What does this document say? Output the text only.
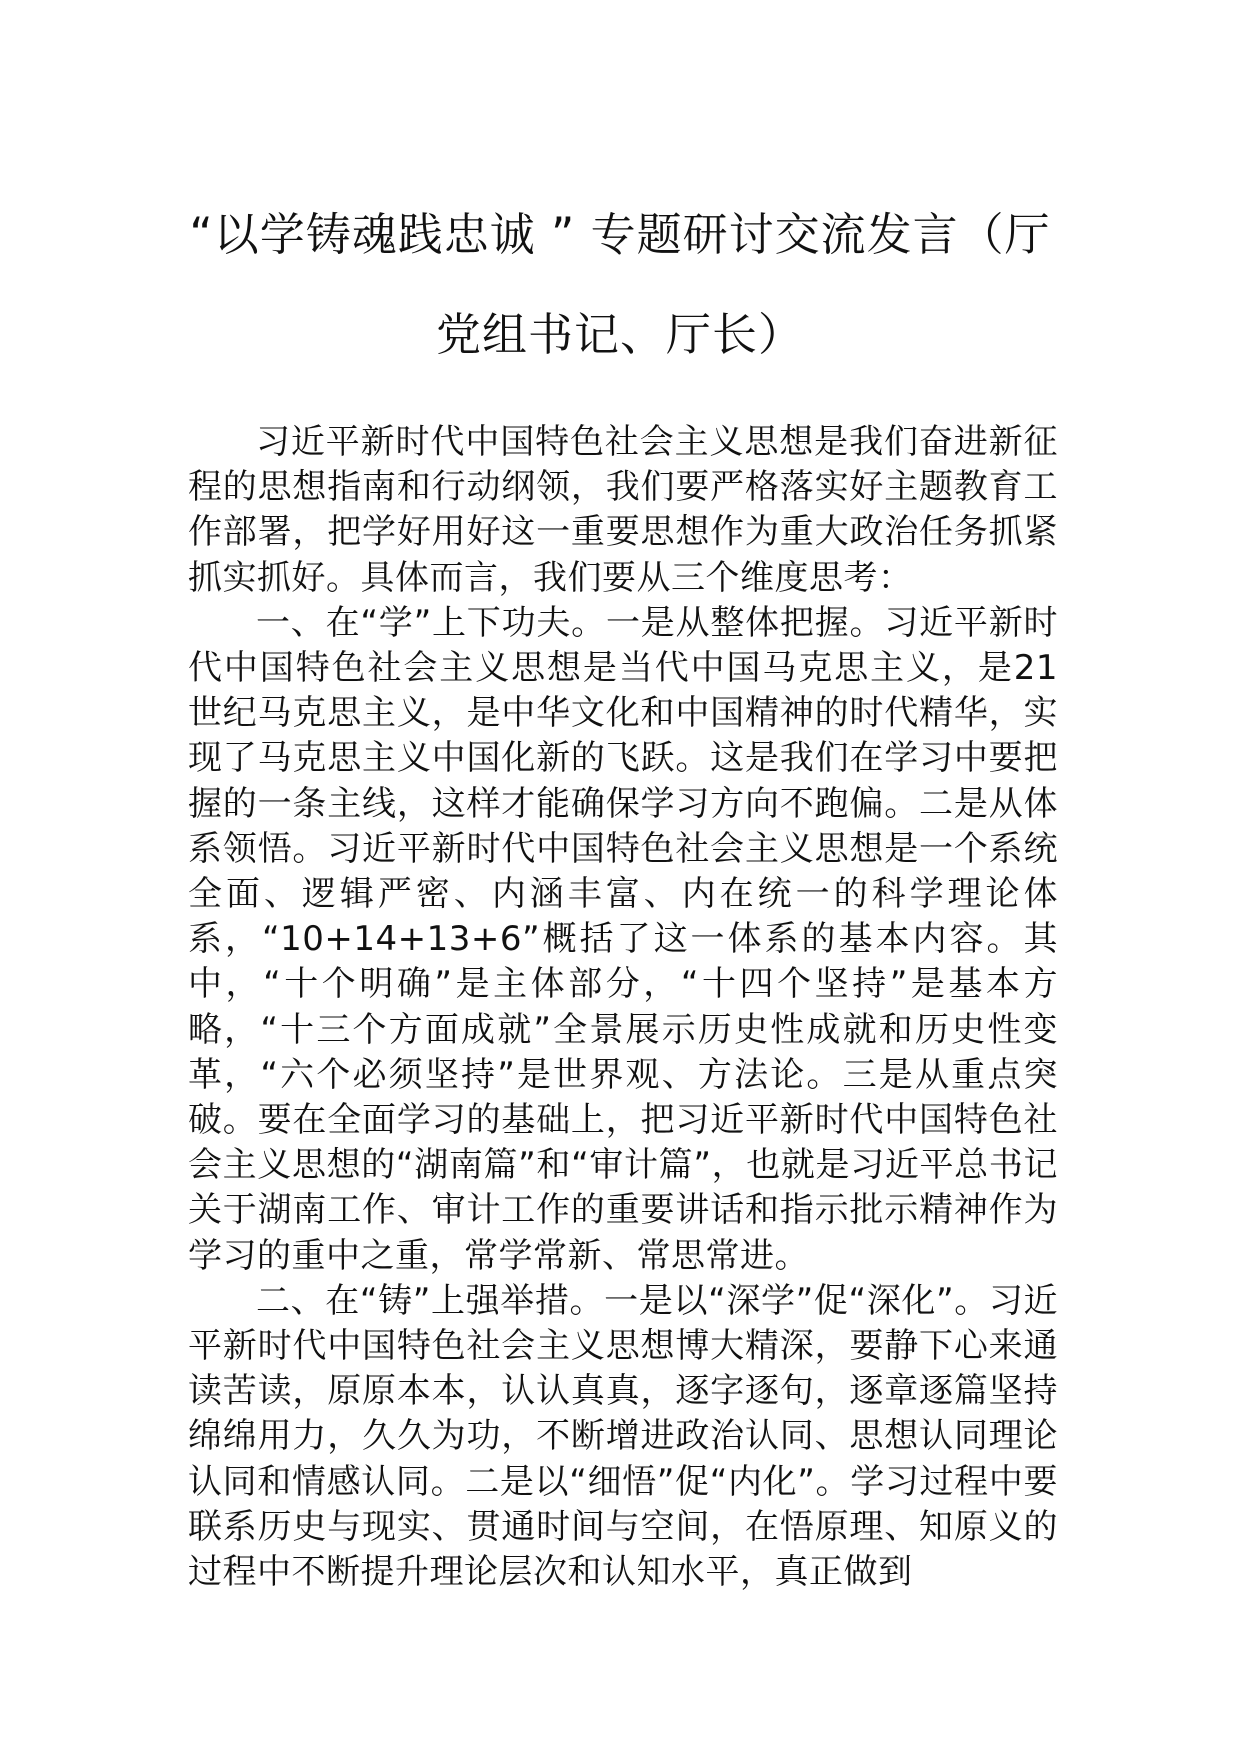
“以学铸魂践忠诚 ” 专题研讨交流发言（厅
党组书记、厅长）

习近平新时代中国特色社会主义思想是我们奋进新征程的思想指南和行动纲领，我们要严格落实好主题教育工作部署，把学好用好这一重要思想作为重大政治任务抓紧抓实抓好。具体而言，我们要从三个维度思考：

一、在“学”上下功夫。一是从整体把握。习近平新时代中国特色社会主义思想是当代中国马克思主义，是21世纪马克思主义，是中华文化和中国精神的时代精华，实现了马克思主义中国化新的飞跃。这是我们在学习中要把握的一条主线，这样才能确保学习方向不跑偏。二是从体系领悟。习近平新时代中国特色社会主义思想是一个系统全面、逻辑严密、内涵丰富、内在统一的科学理论体系，“10+14+13+6”概括了这一体系的基本内容。其中，“十个明确”是主体部分，“十四个坚持”是基本方略，“十三个方面成就”全景展示历史性成就和历史性变革，“六个必须坚持”是世界观、方法论。三是从重点突破。要在全面学习的基础上，把习近平新时代中国特色社会主义思想的“湖南篇”和“审计篇”，也就是习近平总书记关于湖南工作、审计工作的重要讲话和指示批示精神作为学习的重中之重，常学常新、常思常进。

二、在“铸”上强举措。一是以“深学”促“深化”。习近平新时代中国特色社会主义思想博大精深，要静下心来通读苦读，原原本本，认认真真，逐字逐句，逐章逐篇坚持绵绵用力，久久为功，不断增进政治认同、思想认同理论认同和情感认同。二是以“细悟”促“内化”。学习过程中要联系历史与现实、贯通时间与空间，在悟原理、知原义的过程中不断提升理论层次和认知水平，真正做到
